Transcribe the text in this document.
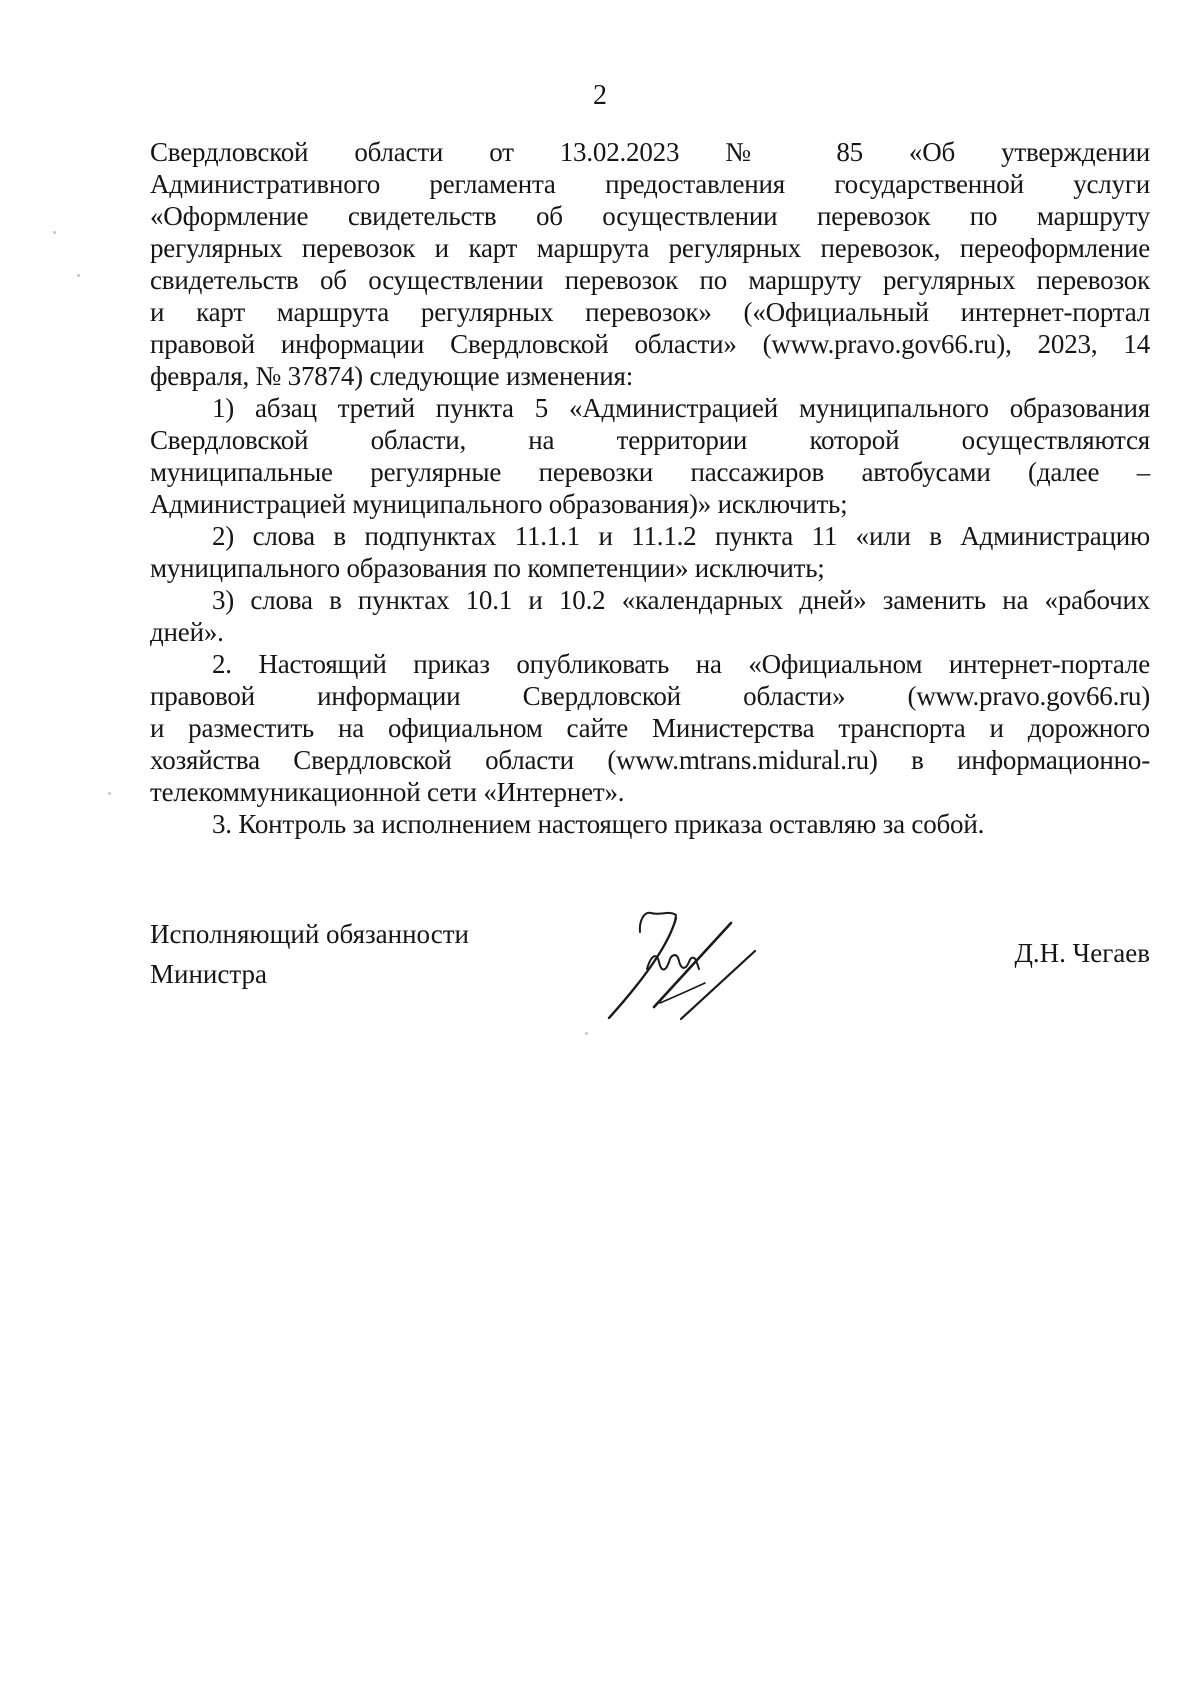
2
Свердловской области от 13.02.2023 № 85 «Об утверждении
Административного регламента предоставления государственной услуги
«Оформление свидетельств об осуществлении перевозок по маршруту
регулярных перевозок и карт маршрута регулярных перевозок, переоформление
свидетельств об осуществлении перевозок по маршруту регулярных перевозок
и карт маршрута регулярных перевозок» («Официальный интернет-портал
правовой информации Свердловской области» (www.pravo.gov66.ru), 2023, 14
февраля, № 37874) следующие изменения:
1) абзац третий пункта 5 «Администрацией муниципального образования
Свердловской области, на территории которой осуществляются
муниципальные регулярные перевозки пассажиров автобусами (далее –
Администрацией муниципального образования)» исключить;
2) слова в подпунктах 11.1.1 и 11.1.2 пункта 11 «или в Администрацию
муниципального образования по компетенции» исключить;
3) слова в пунктах 10.1 и 10.2 «календарных дней» заменить на «рабочих
дней».
2. Настоящий приказ опубликовать на «Официальном интернет-портале
правовой информации Свердловской области» (www.pravo.gov66.ru)
и разместить на официальном сайте Министерства транспорта и дорожного
хозяйства Свердловской области (www.mtrans.midural.ru) в информационно-
телекоммуникационной сети «Интернет».
3. Контроль за исполнением настоящего приказа оставляю за собой.
Исполняющий обязанности
Министра
Д.Н. Чегаев
